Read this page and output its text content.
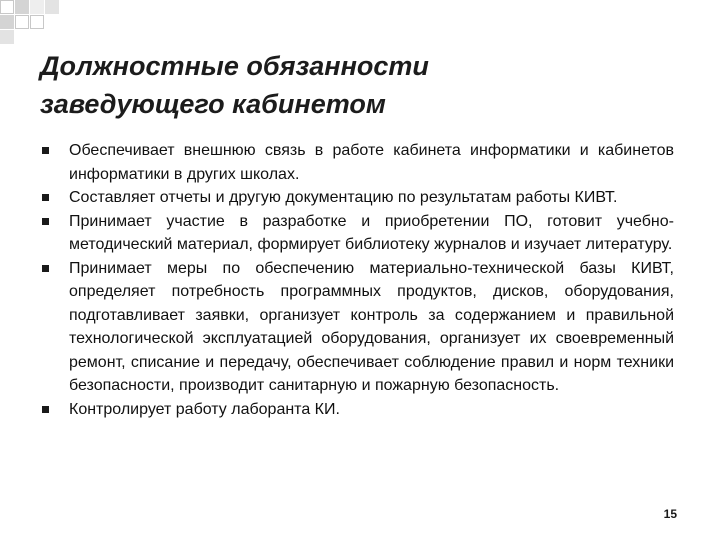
Должностные обязанности
заведующего кабинетом
Обеспечивает внешнюю связь в работе кабинета информатики и кабинетов информатики в других школах.
Составляет отчеты и другую документацию по результатам работы КИВТ.
Принимает участие в разработке и приобретении ПО, готовит учебно-методический материал, формирует библиотеку журналов и изучает литературу.
Принимает меры по обеспечению материально-технической базы КИВТ, определяет потребность программных продуктов, дисков, оборудования, подготавливает заявки, организует контроль за содержанием и правильной технологической эксплуатацией оборудования, организует их своевременный ремонт, списание и передачу, обеспечивает соблюдение правил и норм техники безопасности, производит санитарную и пожарную безопасность.
Контролирует работу лаборанта КИ.
15
